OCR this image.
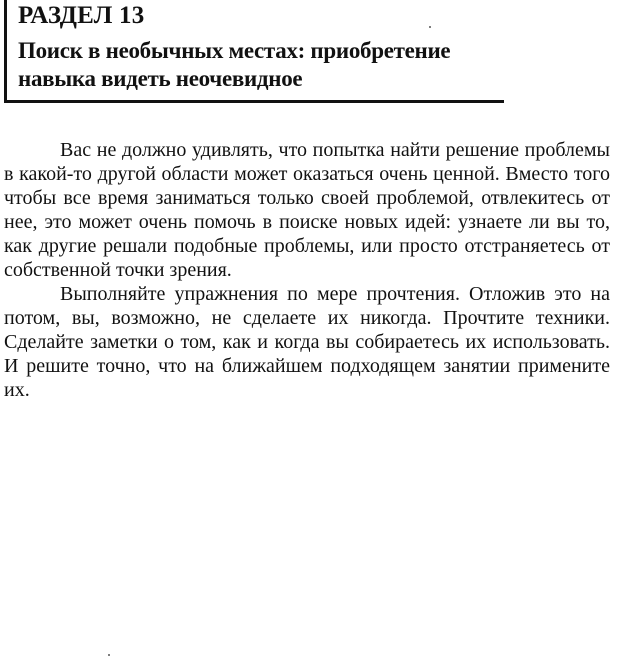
РАЗДЕЛ 13
Поиск в необычных местах: приобретение навыка видеть неочевидное

Вас не должно удивлять, что попытка найти решение проблемы в какой-то другой области может оказаться очень ценной. Вместо того чтобы все время заниматься только своей проблемой, отвлекитесь от нее, это может очень помочь в поиске новых идей: узнаете ли вы то, как другие решали подобные проблемы, или просто отстраняетесь от собственной точки зрения.

Выполняйте упражнения по мере прочтения. Отложив это на потом, вы, возможно, не сделаете их никогда. Прочтите техники. Сделайте заметки о том, как и когда вы собираетесь их использовать. И решите точно, что на ближайшем подходящем занятии примените их.
